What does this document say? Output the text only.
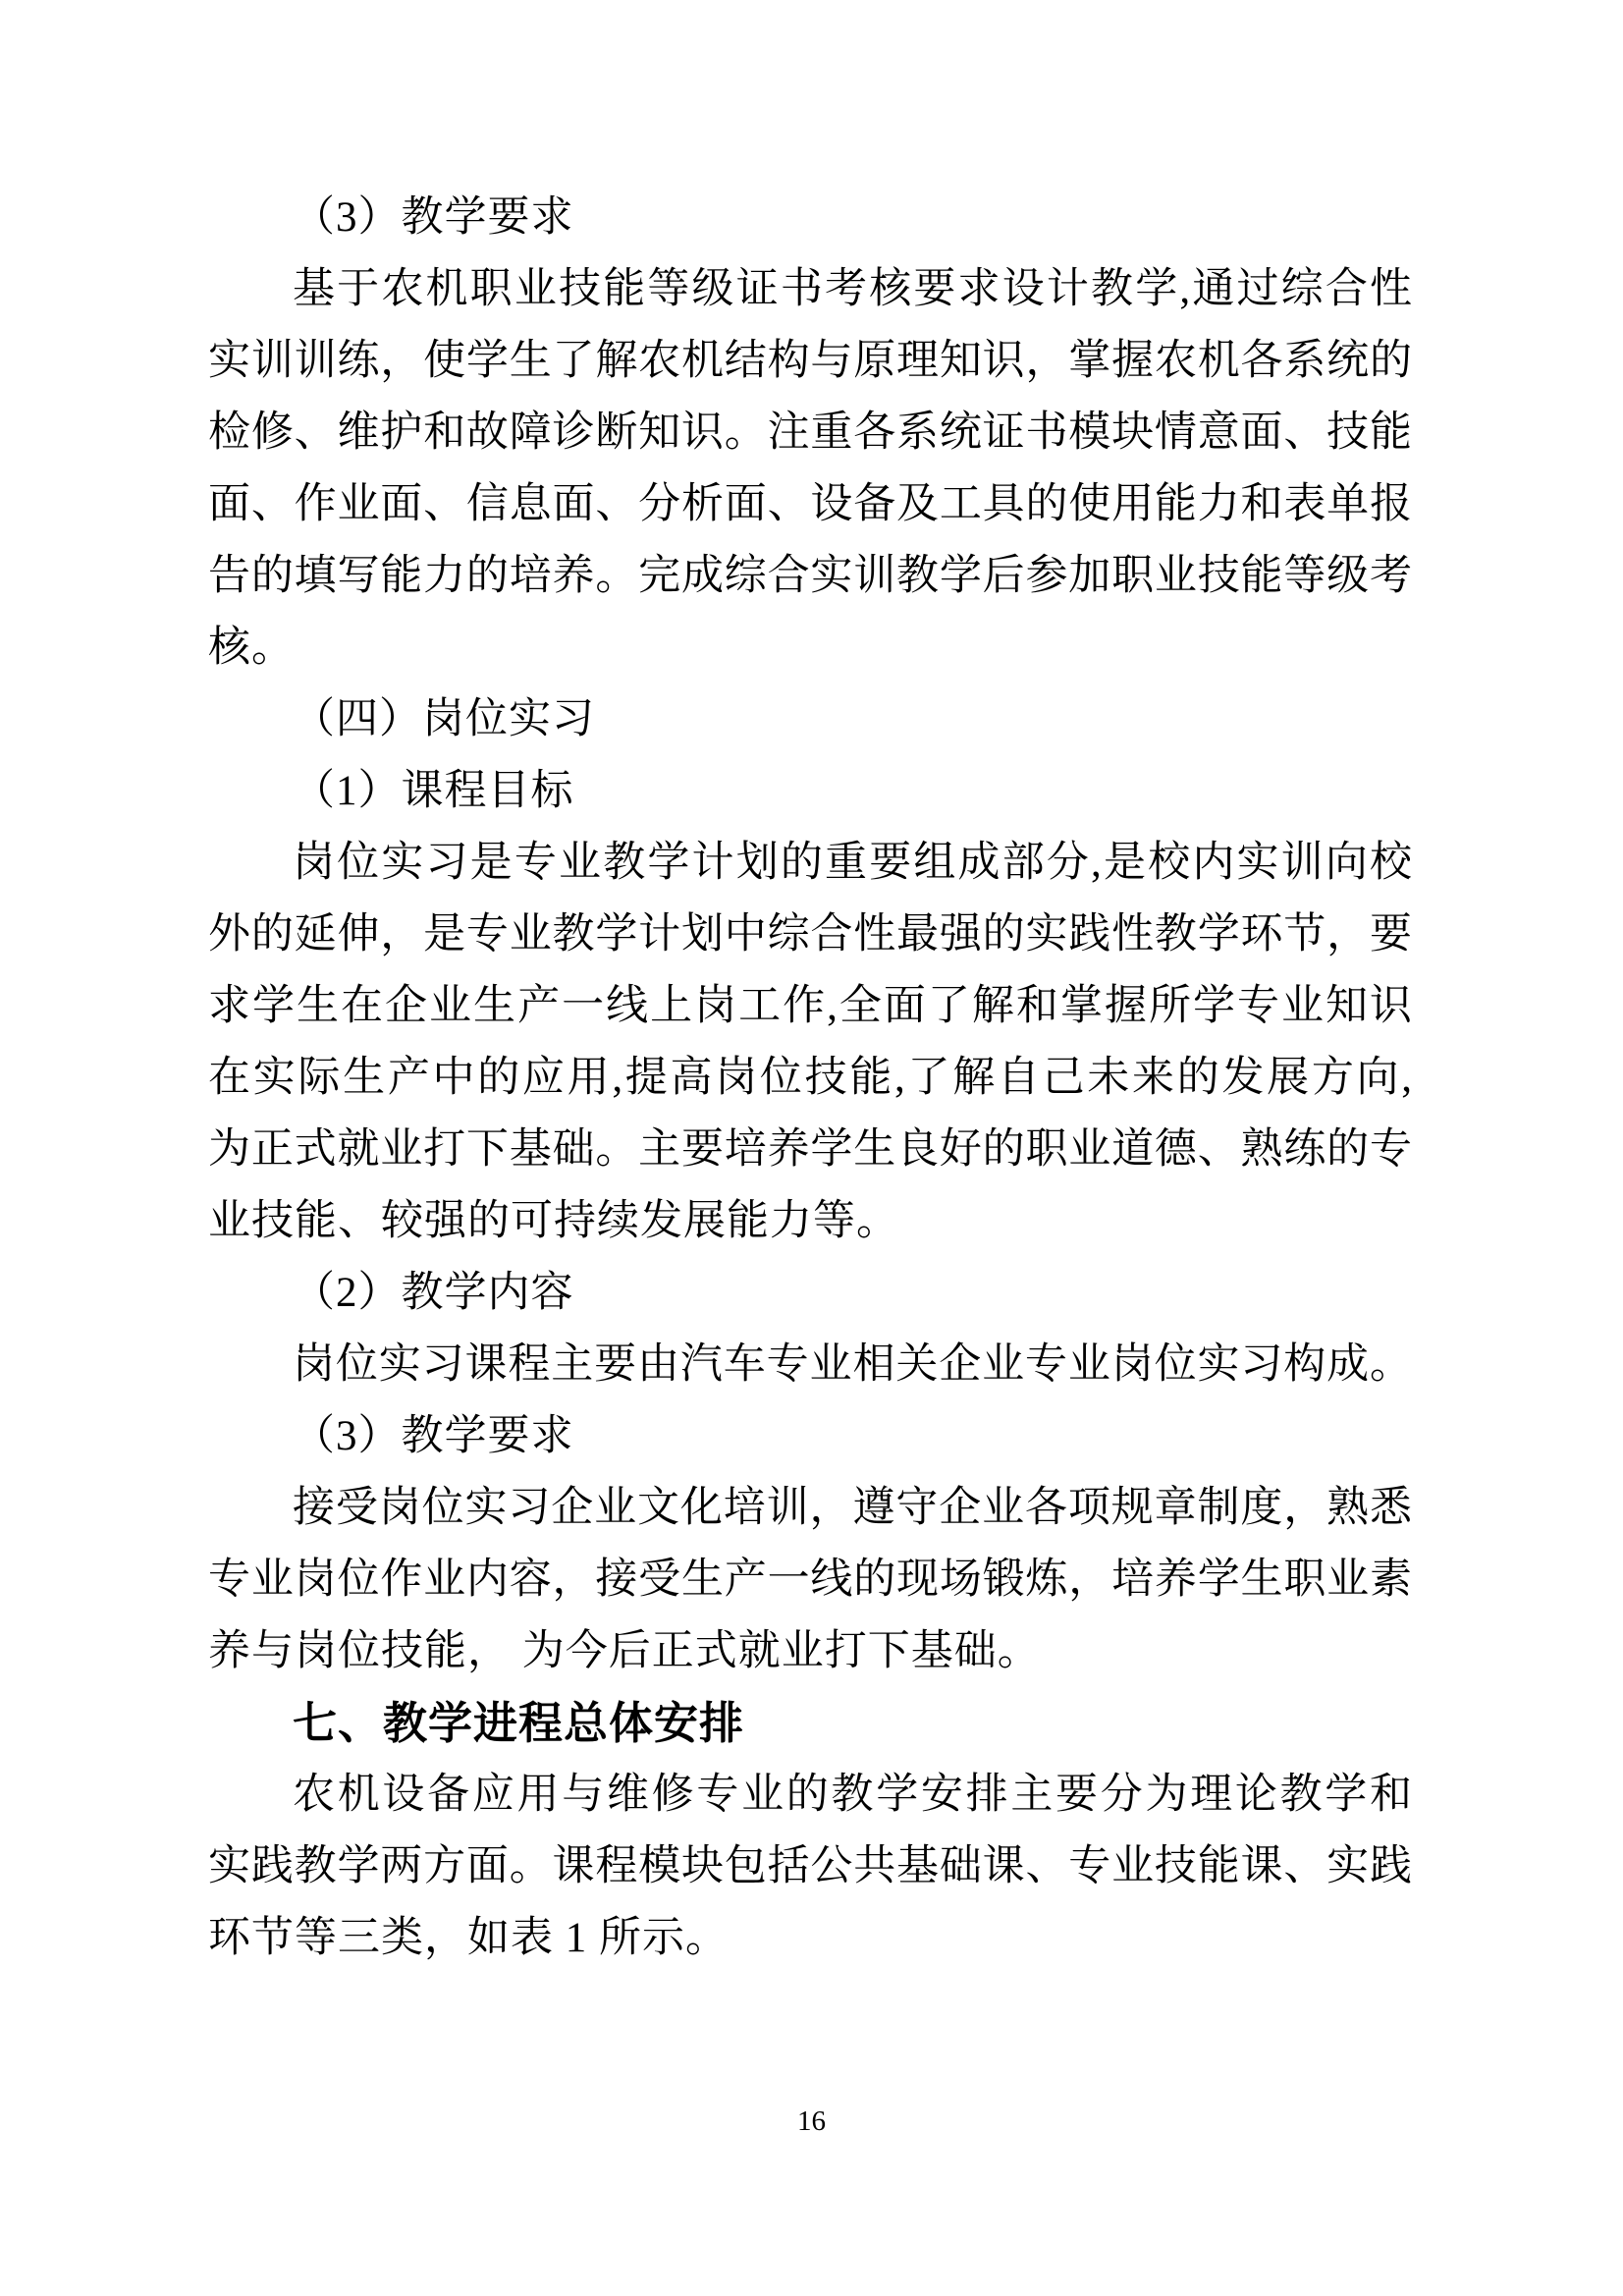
（3）教学要求
基于农机职业技能等级证书考核要求设计教学,通过综合性
实训训练，使学生了解农机结构与原理知识，掌握农机各系统的
检修、维护和故障诊断知识。注重各系统证书模块情意面、技能
面、作业面、信息面、分析面、设备及工具的使用能力和表单报
告的填写能力的培养。完成综合实训教学后参加职业技能等级考
核。
（四）岗位实习
（1）课程目标
岗位实习是专业教学计划的重要组成部分,是校内实训向校
外的延伸，是专业教学计划中综合性最强的实践性教学环节，要
求学生在企业生产一线上岗工作,全面了解和掌握所学专业知识
在实际生产中的应用,提高岗位技能,了解自己未来的发展方向,
为正式就业打下基础。主要培养学生良好的职业道德、熟练的专
业技能、较强的可持续发展能力等。
（2）教学内容
岗位实习课程主要由汽车专业相关企业专业岗位实习构成。
（3）教学要求
接受岗位实习企业文化培训，遵守企业各项规章制度，熟悉
专业岗位作业内容，接受生产一线的现场锻炼，培养学生职业素
养与岗位技能， 为今后正式就业打下基础。
七、教学进程总体安排
农机设备应用与维修专业的教学安排主要分为理论教学和
实践教学两方面。课程模块包括公共基础课、专业技能课、实践
环节等三类，如表 1 所示。
16
